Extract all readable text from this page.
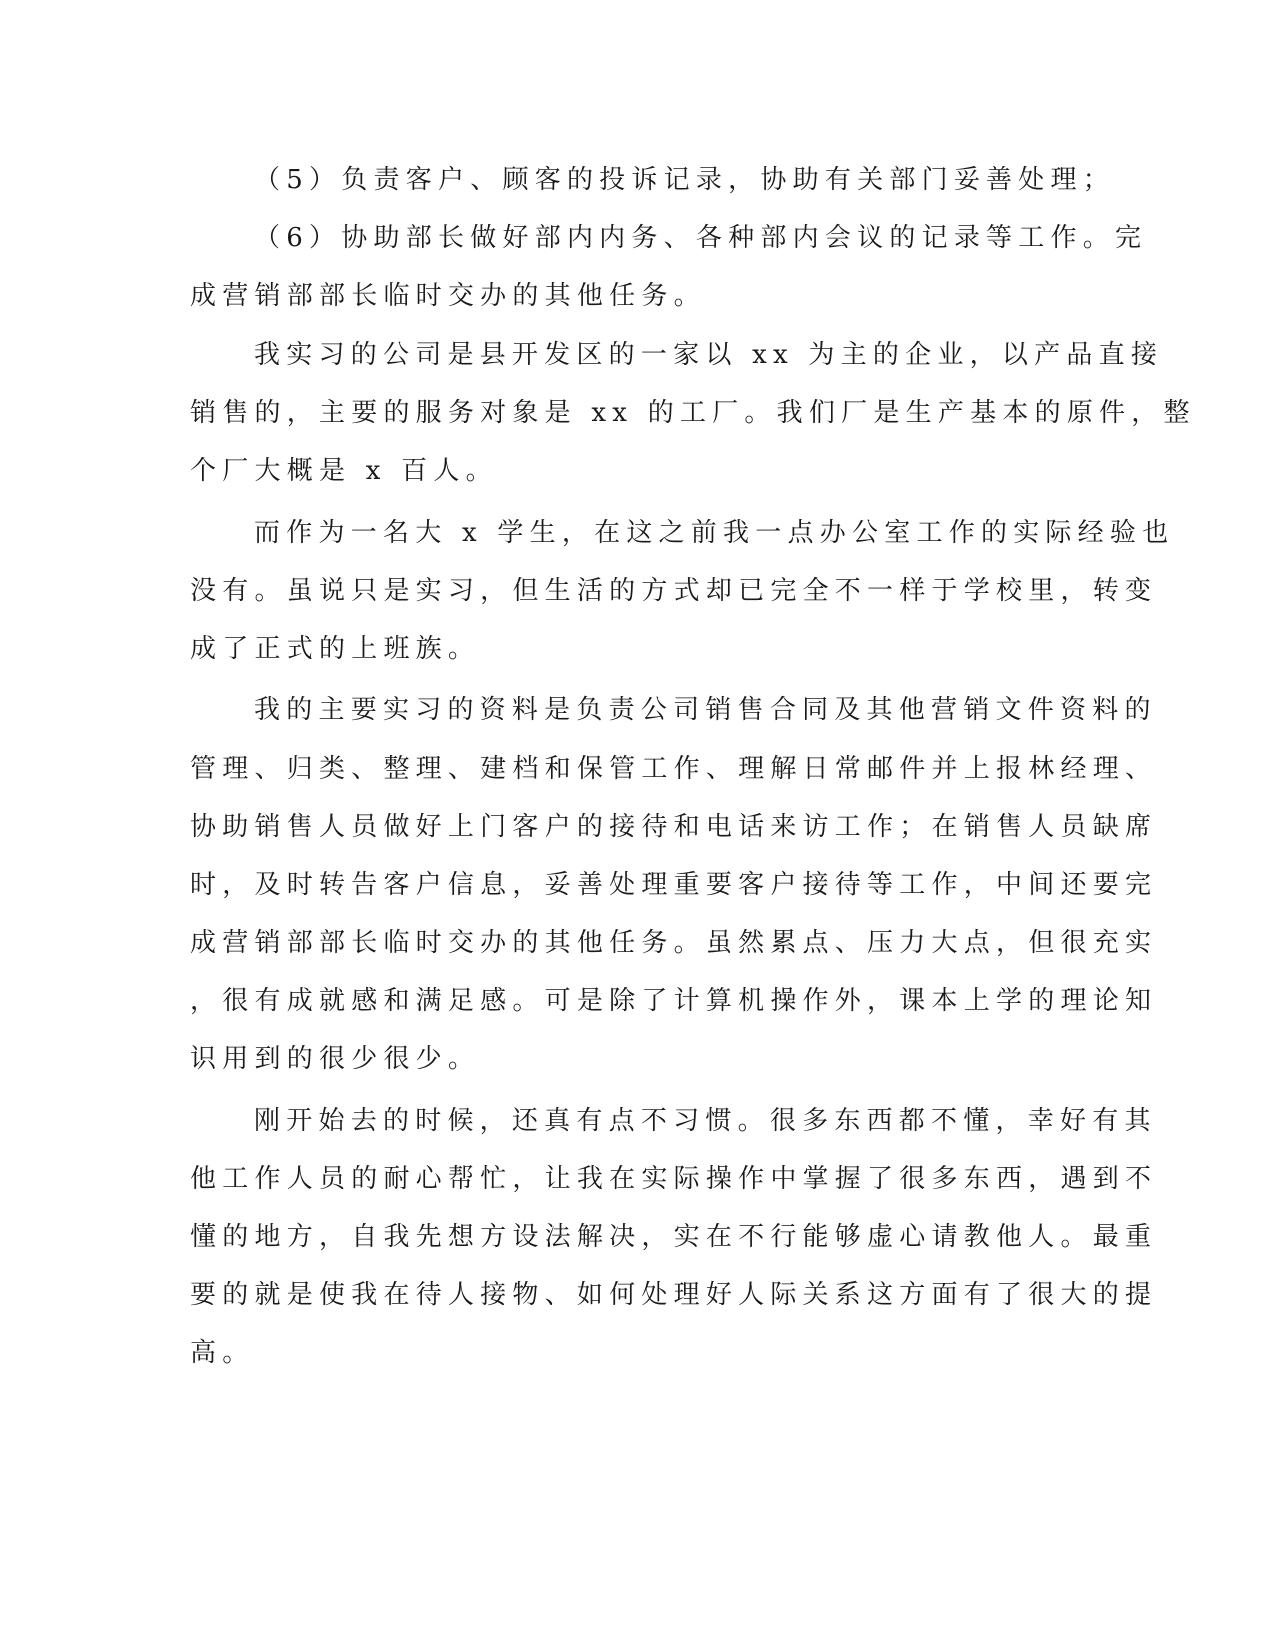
（5）负责客户、顾客的投诉记录，协助有关部门妥善处理；
（6）协助部长做好部内内务、各种部内会议的记录等工作。完
成营销部部长临时交办的其他任务。
我实习的公司是县开发区的一家以 xx 为主的企业，以产品直接
销售的，主要的服务对象是 xx 的工厂。我们厂是生产基本的原件，整
个厂大概是 x 百人。
而作为一名大 x 学生，在这之前我一点办公室工作的实际经验也
没有。虽说只是实习，但生活的方式却已完全不一样于学校里，转变
成了正式的上班族。
我的主要实习的资料是负责公司销售合同及其他营销文件资料的
管理、归类、整理、建档和保管工作、理解日常邮件并上报林经理、
协助销售人员做好上门客户的接待和电话来访工作；在销售人员缺席
时，及时转告客户信息，妥善处理重要客户接待等工作，中间还要完
成营销部部长临时交办的其他任务。虽然累点、压力大点，但很充实
，很有成就感和满足感。可是除了计算机操作外，课本上学的理论知
识用到的很少很少。
刚开始去的时候，还真有点不习惯。很多东西都不懂，幸好有其
他工作人员的耐心帮忙，让我在实际操作中掌握了很多东西，遇到不
懂的地方，自我先想方设法解决，实在不行能够虚心请教他人。最重
要的就是使我在待人接物、如何处理好人际关系这方面有了很大的提
高。
